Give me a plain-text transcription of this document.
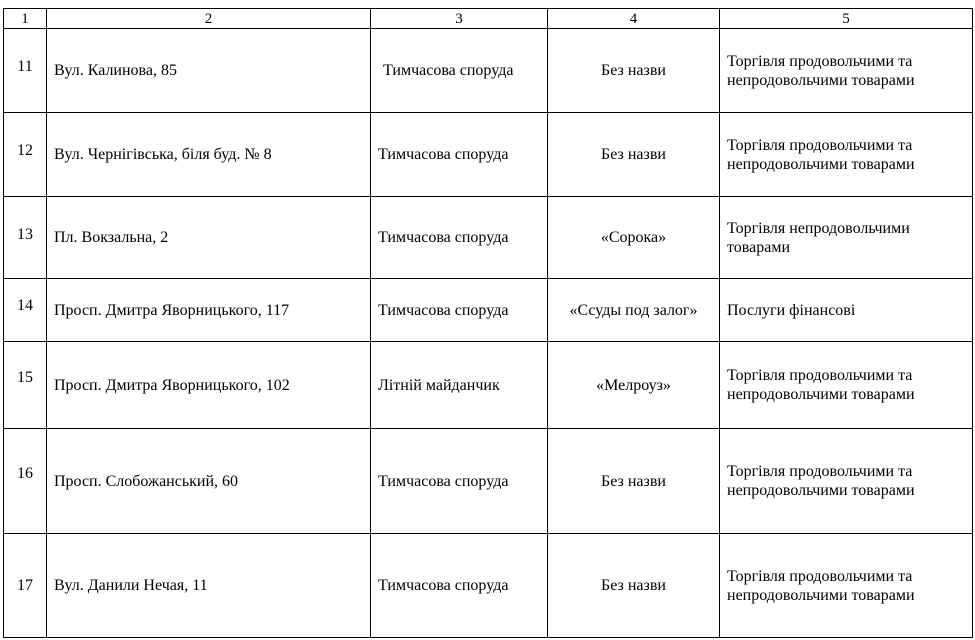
1	2	3	4	5
11	Вул. Калинова, 85	Тимчасова споруда	Без назви	Торгівля продовольчими та непродовольчими товарами
12	Вул. Чернігівська, біля буд. № 8	Тимчасова споруда	Без назви	Торгівля продовольчими та непродовольчими товарами
13	Пл. Вокзальна, 2	Тимчасова споруда	«Сорока»	Торгівля непродовольчими товарами
14	Просп. Дмитра Яворницького, 117	Тимчасова споруда	«Ссуды под залог»	Послуги фінансові
15	Просп. Дмитра Яворницького, 102	Літній майданчик	«Мелроуз»	Торгівля продовольчими та непродовольчими товарами
16	Просп. Слобожанський, 60	Тимчасова споруда	Без назви	Торгівля продовольчими та непродовольчими товарами
17	Вул. Данили Нечая, 11	Тимчасова споруда	Без назви	Торгівля продовольчими та непродовольчими товарами
